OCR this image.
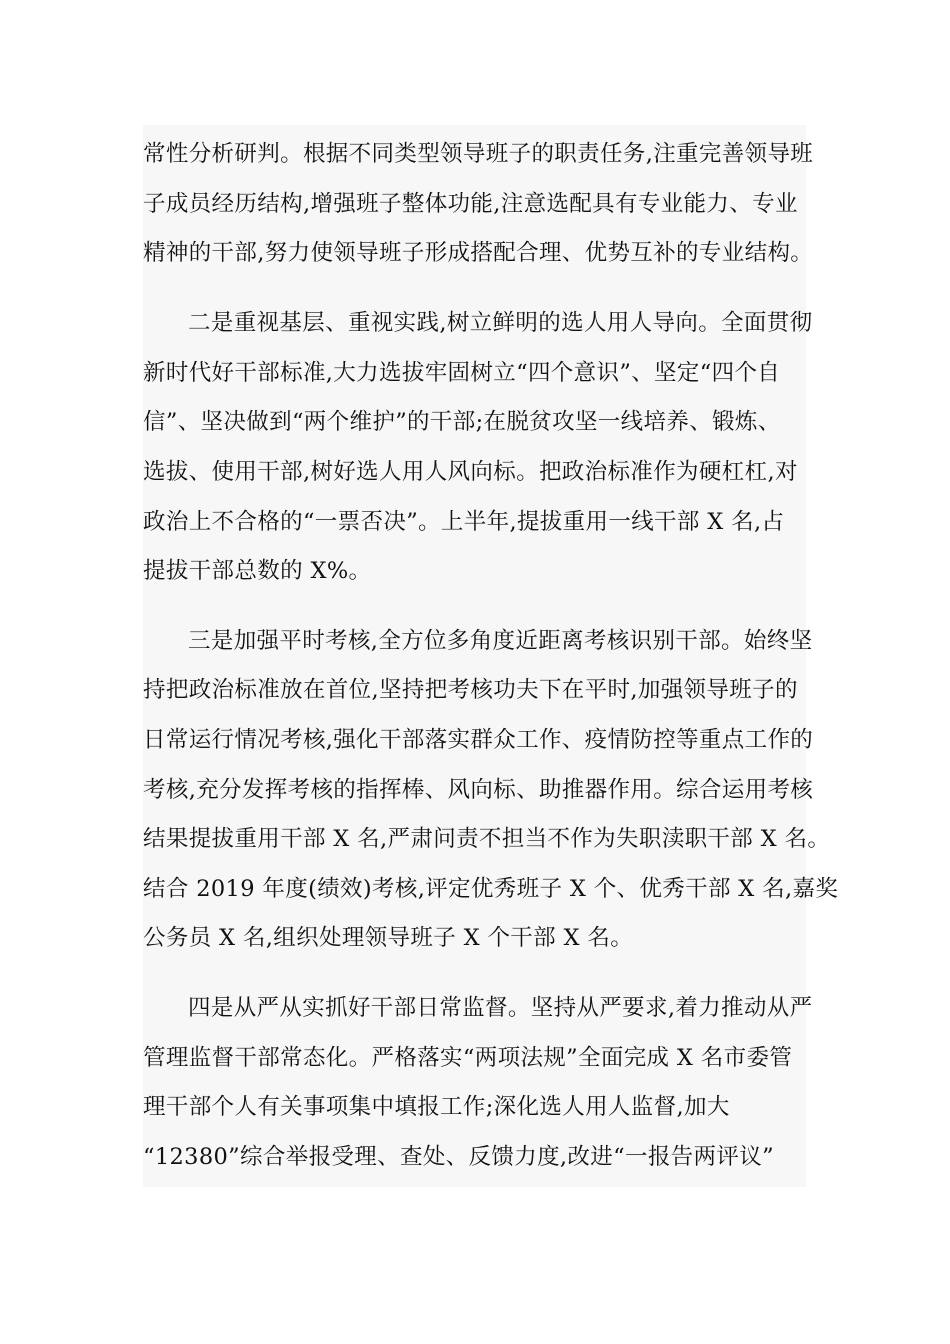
常性分析研判。根据不同类型领导班子的职责任务,注重完善领导班
子成员经历结构,增强班子整体功能,注意选配具有专业能力、专业
精神的干部,努力使领导班子形成搭配合理、优势互补的专业结构。
二是重视基层、重视实践,树立鲜明的选人用人导向。全面贯彻
新时代好干部标准,大力选拔牢固树立“四个意识”、坚定“四个自
信”、坚决做到“两个维护”的干部;在脱贫攻坚一线培养、锻炼、
选拔、使用干部,树好选人用人风向标。把政治标准作为硬杠杠,对
政治上不合格的“一票否决”。上半年,提拔重用一线干部 X 名,占
提拔干部总数的 X%。
三是加强平时考核,全方位多角度近距离考核识别干部。始终坚
持把政治标准放在首位,坚持把考核功夫下在平时,加强领导班子的
日常运行情况考核,强化干部落实群众工作、疫情防控等重点工作的
考核,充分发挥考核的指挥棒、风向标、助推器作用。综合运用考核
结果提拔重用干部 X 名,严肃问责不担当不作为失职渎职干部 X 名。
结合 2019 年度(绩效)考核,评定优秀班子 X 个、优秀干部 X 名,嘉奖
公务员 X 名,组织处理领导班子 X 个干部 X 名。
四是从严从实抓好干部日常监督。坚持从严要求,着力推动从严
管理监督干部常态化。严格落实“两项法规”全面完成 X 名市委管
理干部个人有关事项集中填报工作;深化选人用人监督,加大
“12380”综合举报受理、查处、反馈力度,改进“一报告两评议”
